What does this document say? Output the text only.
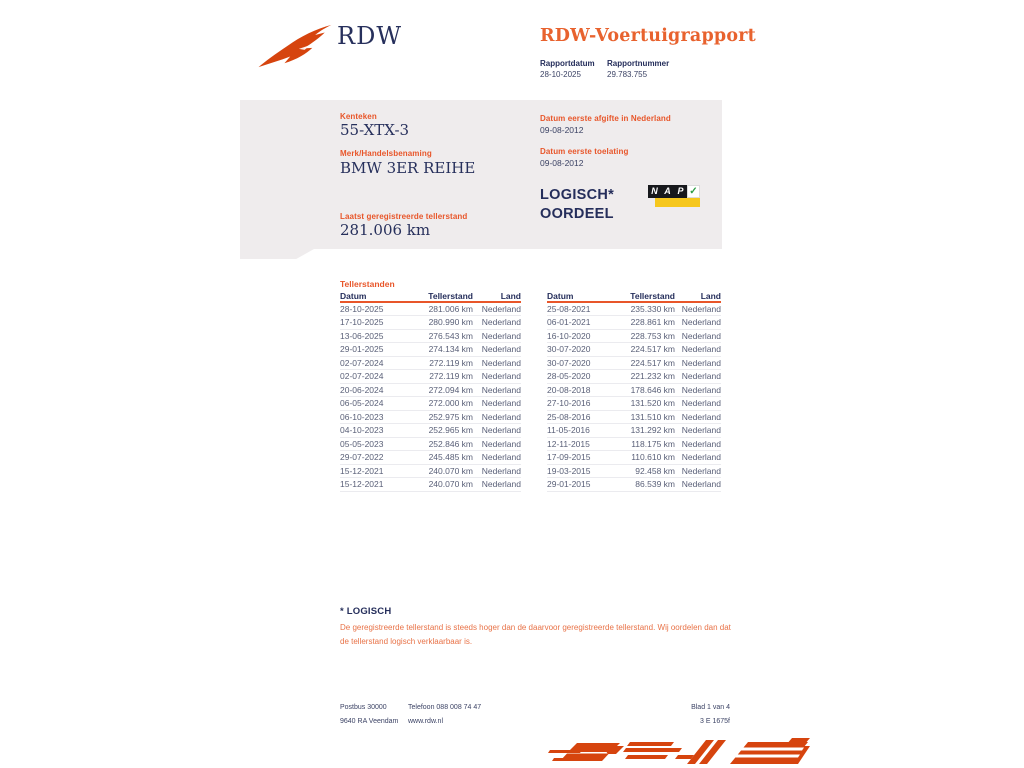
RDW	RDW-Voertuigrapport
Rapportdatum Rapportnummer
28-10-2025	29.783.755
Kenteken
55-XTX-3
Merk/Handelsbenaming
BMW 3ER REIHE
Laatst geregistreerde tellerstand
281.006 km
Datum eerste afgifte in Nederland
09-08-2012
Datum eerste toelating
09-08-2012
LOGISCH*
OORDEEL
N A P ✓
Tellerstanden
Datum	Tellerstand	Land
28-10-2025	281.006 km	Nederland
17-10-2025	280.990 km	Nederland
13-06-2025	276.543 km	Nederland
29-01-2025	274.134 km	Nederland
02-07-2024	272.119 km	Nederland
02-07-2024	272.119 km	Nederland
20-06-2024	272.094 km	Nederland
06-05-2024	272.000 km	Nederland
06-10-2023	252.975 km	Nederland
04-10-2023	252.965 km	Nederland
05-05-2023	252.846 km	Nederland
29-07-2022	245.485 km	Nederland
15-12-2021	240.070 km	Nederland
15-12-2021	240.070 km	Nederland
Datum	Tellerstand	Land
25-08-2021	235.330 km	Nederland
06-01-2021	228.861 km	Nederland
16-10-2020	228.753 km	Nederland
30-07-2020	224.517 km	Nederland
30-07-2020	224.517 km	Nederland
28-05-2020	221.232 km	Nederland
20-08-2018	178.646 km	Nederland
27-10-2016	131.520 km	Nederland
25-08-2016	131.510 km	Nederland
11-05-2016	131.292 km	Nederland
12-11-2015	118.175 km	Nederland
17-09-2015	110.610 km	Nederland
19-03-2015	92.458 km	Nederland
29-01-2015	86.539 km	Nederland
* LOGISCH
De geregistreerde tellerstand is steeds hoger dan de daarvoor geregistreerde tellerstand. Wij oordelen dan dat de tellerstand logisch verklaarbaar is.
Postbus 30000
9640 RA Veendam
Telefoon 088 008 74 47
www.rdw.nl
Blad 1 van 4
3 E 1675f
